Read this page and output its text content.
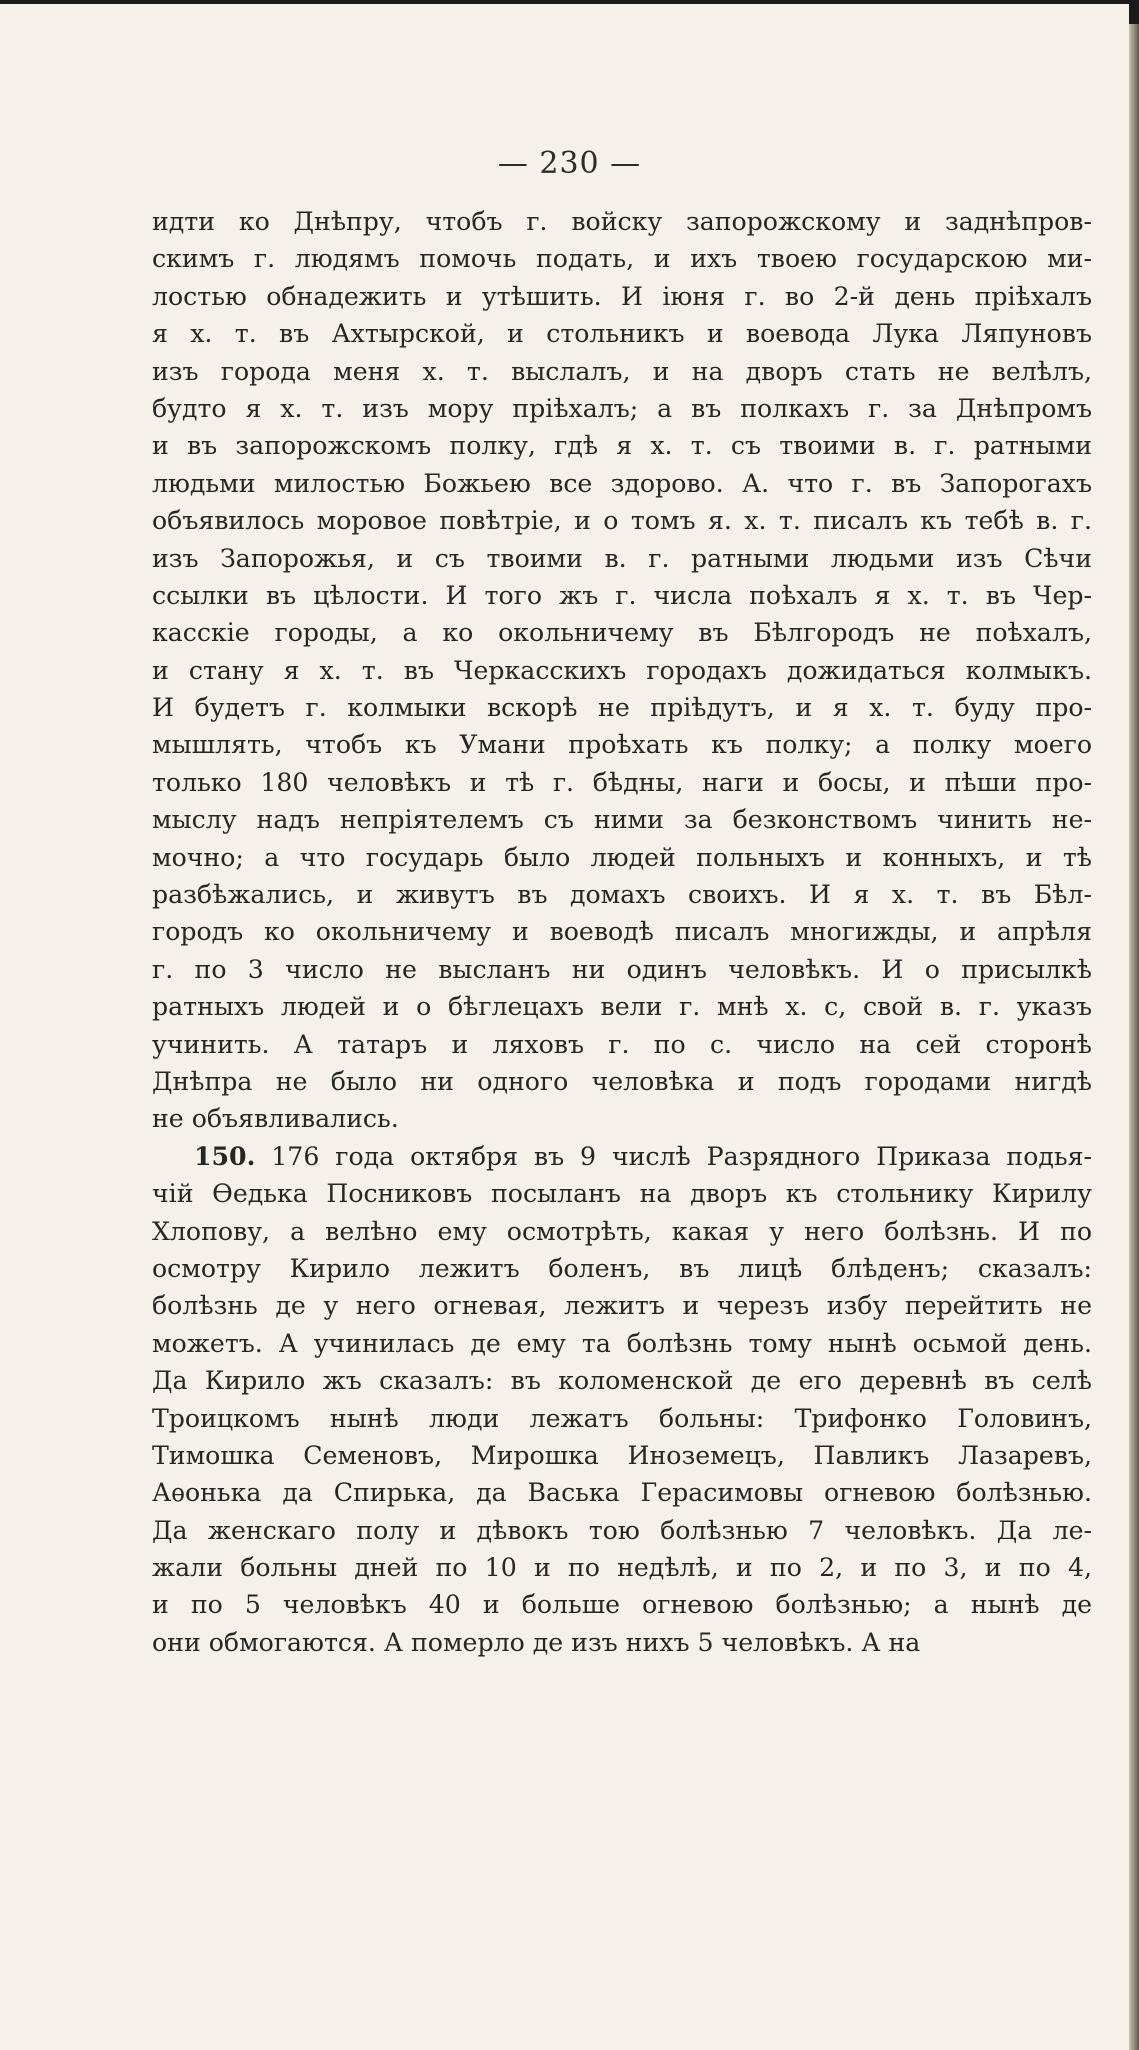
— 230 —
идти ко Днѣпру, чтобъ г. войску запорожскому и заднѣпров-
скимъ г. людямъ помочь подать, и ихъ твоею государскою ми-
лостью обнадежить и утѣшить. И іюня г. во 2-й день пріѣхалъ
я х. т. въ Ахтырской, и стольникъ и воевода Лука Ляпуновъ
изъ города меня х. т. выслалъ, и на дворъ стать не велѣлъ,
будто я х. т. изъ мору пріѣхалъ; а въ полкахъ г. за Днѣпромъ
и въ запорожскомъ полку, гдѣ я х. т. съ твоими в. г. ратными
людьми милостью Божьею все здорово. А. что г. въ Запорогахъ
объявилось моровое повѣтріе, и о томъ я. х. т. писалъ къ тебѣ в. г.
изъ Запорожья, и съ твоими в. г. ратными людьми изъ Сѣчи
ссылки въ цѣлости. И того жъ г. числа поѣхалъ я х. т. въ Чер-
касскіе городы, а ко окольничему въ Бѣлгородъ не поѣхалъ,
и стану я х. т. въ Черкасскихъ городахъ дожидаться колмыкъ.
И будетъ г. колмыки вскорѣ не пріѣдутъ, и я х. т. буду про-
мышлять, чтобъ къ Умани проѣхать къ полку; а полку моего
только 180 человѣкъ и тѣ г. бѣдны, наги и босы, и пѣши про-
мыслу надъ непріятелемъ съ ними за безконствомъ чинить не-
мочно; а что государь было людей польныхъ и конныхъ, и тѣ
разбѣжались, и живутъ въ домахъ своихъ. И я х. т. въ Бѣл-
городъ ко окольничему и воеводѣ писалъ многижды, и апрѣля
г. по 3 число не высланъ ни одинъ человѣкъ. И о присылкѣ
ратныхъ людей и о бѣглецахъ вели г. мнѣ х. с, свой в. г. указъ
учинить. А татаръ и ляховъ г. по с. число на сей сторонѣ
Днѣпра не было ни одного человѣка и подъ городами нигдѣ
не объявливались.
150. 176 года октября въ 9 числѣ Разрядного Приказа подья-
чій Ѳедька Посниковъ посыланъ на дворъ къ стольнику Кирилу
Хлопову, а велѣно ему осмотрѣть, какая у него болѣзнь. И по
осмотру Кирило лежитъ боленъ, въ лицѣ блѣденъ; сказалъ:
болѣзнь де у него огневая, лежитъ и черезъ избу перейтить не
можетъ. А учинилась де ему та болѣзнь тому нынѣ осьмой день.
Да Кирило жъ сказалъ: въ коломенской де его деревнѣ въ селѣ
Троицкомъ нынѣ люди лежатъ больны: Трифонко Головинъ,
Тимошка Семеновъ, Мирошка Иноземецъ, Павликъ Лазаревъ,
Аѳонька да Спирька, да Васька Герасимовы огневою болѣзнью.
Да женскаго полу и дѣвокъ тою болѣзнью 7 человѣкъ. Да ле-
жали больны дней по 10 и по недѣлѣ, и по 2, и по 3, и по 4,
и по 5 человѣкъ 40 и больше огневою болѣзнью; а нынѣ де
они обмогаются. А померло де изъ нихъ 5 человѣкъ. А на
